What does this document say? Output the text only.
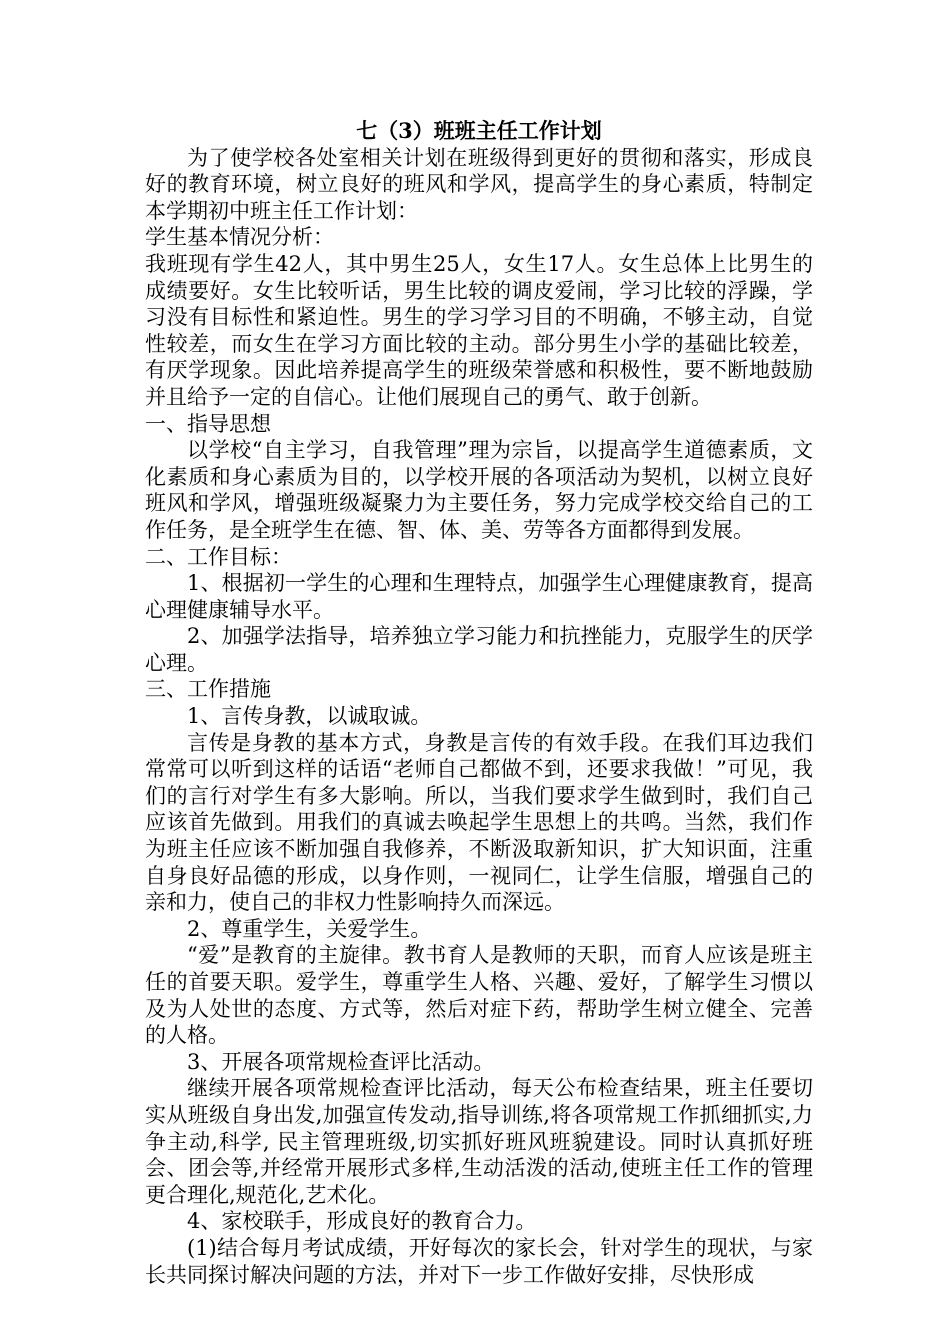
七（3）班班主任工作计划
为了使学校各处室相关计划在班级得到更好的贯彻和落实，形成良好的教育环境，树立良好的班风和学风，提高学生的身心素质，特制定本学期初中班主任工作计划：
学生基本情况分析：
我班现有学生42人，其中男生25人，女生17人。女生总体上比男生的成绩要好。女生比较听话，男生比较的调皮爱闹，学习比较的浮躁，学习没有目标性和紧迫性。男生的学习学习目的不明确，不够主动，自觉性较差，而女生在学习方面比较的主动。部分男生小学的基础比较差，有厌学现象。因此培养提高学生的班级荣誉感和积极性，要不断地鼓励并且给予一定的自信心。让他们展现自己的勇气、敢于创新。
一、指导思想
以学校“自主学习，自我管理”理为宗旨，以提高学生道德素质，文化素质和身心素质为目的，以学校开展的各项活动为契机，以树立良好班风和学风，增强班级凝聚力为主要任务，努力完成学校交给自己的工作任务，是全班学生在德、智、体、美、劳等各方面都得到发展。
二、工作目标：
1、根据初一学生的心理和生理特点，加强学生心理健康教育，提高心理健康辅导水平。
2、加强学法指导，培养独立学习能力和抗挫能力，克服学生的厌学心理。
三、工作措施
1、言传身教，以诚取诚。
言传是身教的基本方式，身教是言传的有效手段。在我们耳边我们常常可以听到这样的话语“老师自己都做不到，还要求我做！”可见，我们的言行对学生有多大影响。所以，当我们要求学生做到时，我们自己应该首先做到。用我们的真诚去唤起学生思想上的共鸣。当然，我们作为班主任应该不断加强自我修养，不断汲取新知识，扩大知识面，注重自身良好品德的形成，以身作则，一视同仁，让学生信服，增强自己的亲和力，使自己的非权力性影响持久而深远。
2、尊重学生，关爱学生。
“爱”是教育的主旋律。教书育人是教师的天职，而育人应该是班主任的首要天职。爱学生，尊重学生人格、兴趣、爱好，了解学生习惯以及为人处世的态度、方式等，然后对症下药，帮助学生树立健全、完善的人格。
3、开展各项常规检查评比活动。
继续开展各项常规检查评比活动，每天公布检查结果，班主任要切实从班级自身出发,加强宣传发动,指导训练,将各项常规工作抓细抓实,力争主动,科学, 民主管理班级,切实抓好班风班貌建设。同时认真抓好班会、团会等,并经常开展形式多样,生动活泼的活动,使班主任工作的管理更合理化,规范化,艺术化。
4、家校联手，形成良好的教育合力。
(1)结合每月考试成绩，开好每次的家长会，针对学生的现状，与家长共同探讨解决问题的方法，并对下一步工作做好安排，尽快形成
